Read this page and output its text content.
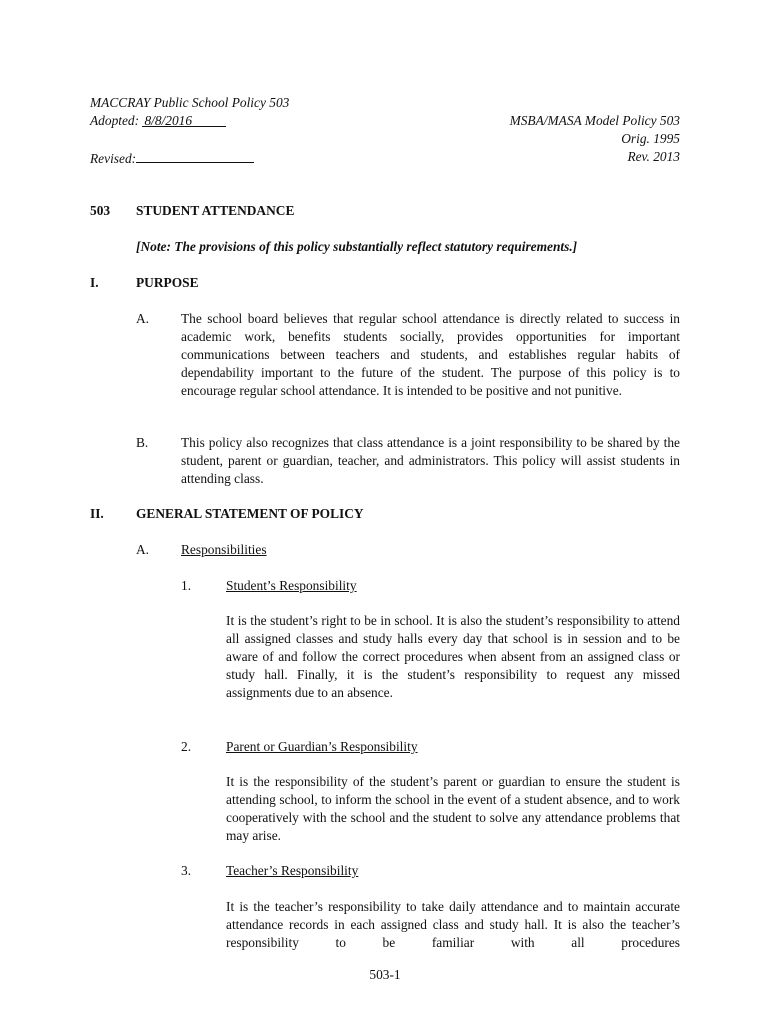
MACCRAY Public School Policy 503
Adopted: 8/8/2016
Revised:
MSBA/MASA Model Policy 503
Orig. 1995
Rev. 2013
503 STUDENT ATTENDANCE
[Note: The provisions of this policy substantially reflect statutory requirements.]
I.	PURPOSE
A. The school board believes that regular school attendance is directly related to success in academic work, benefits students socially, provides opportunities for important communications between teachers and students, and establishes regular habits of dependability important to the future of the student. The purpose of this policy is to encourage regular school attendance. It is intended to be positive and not punitive.
B. This policy also recognizes that class attendance is a joint responsibility to be shared by the student, parent or guardian, teacher, and administrators. This policy will assist students in attending class.
II. GENERAL STATEMENT OF POLICY
A. Responsibilities
1.	Student’s Responsibility
It is the student’s right to be in school. It is also the student’s responsibility to attend all assigned classes and study halls every day that school is in session and to be aware of and follow the correct procedures when absent from an assigned class or study hall. Finally, it is the student’s responsibility to request any missed assignments due to an absence.
2.	Parent or Guardian’s Responsibility
It is the responsibility of the student’s parent or guardian to ensure the student is attending school, to inform the school in the event of a student absence, and to work cooperatively with the school and the student to solve any attendance problems that may arise.
3.	Teacher’s Responsibility
It is the teacher’s responsibility to take daily attendance and to maintain accurate attendance records in each assigned class and study hall. It is also the teacher’s responsibility to be familiar with all procedures
503-1
